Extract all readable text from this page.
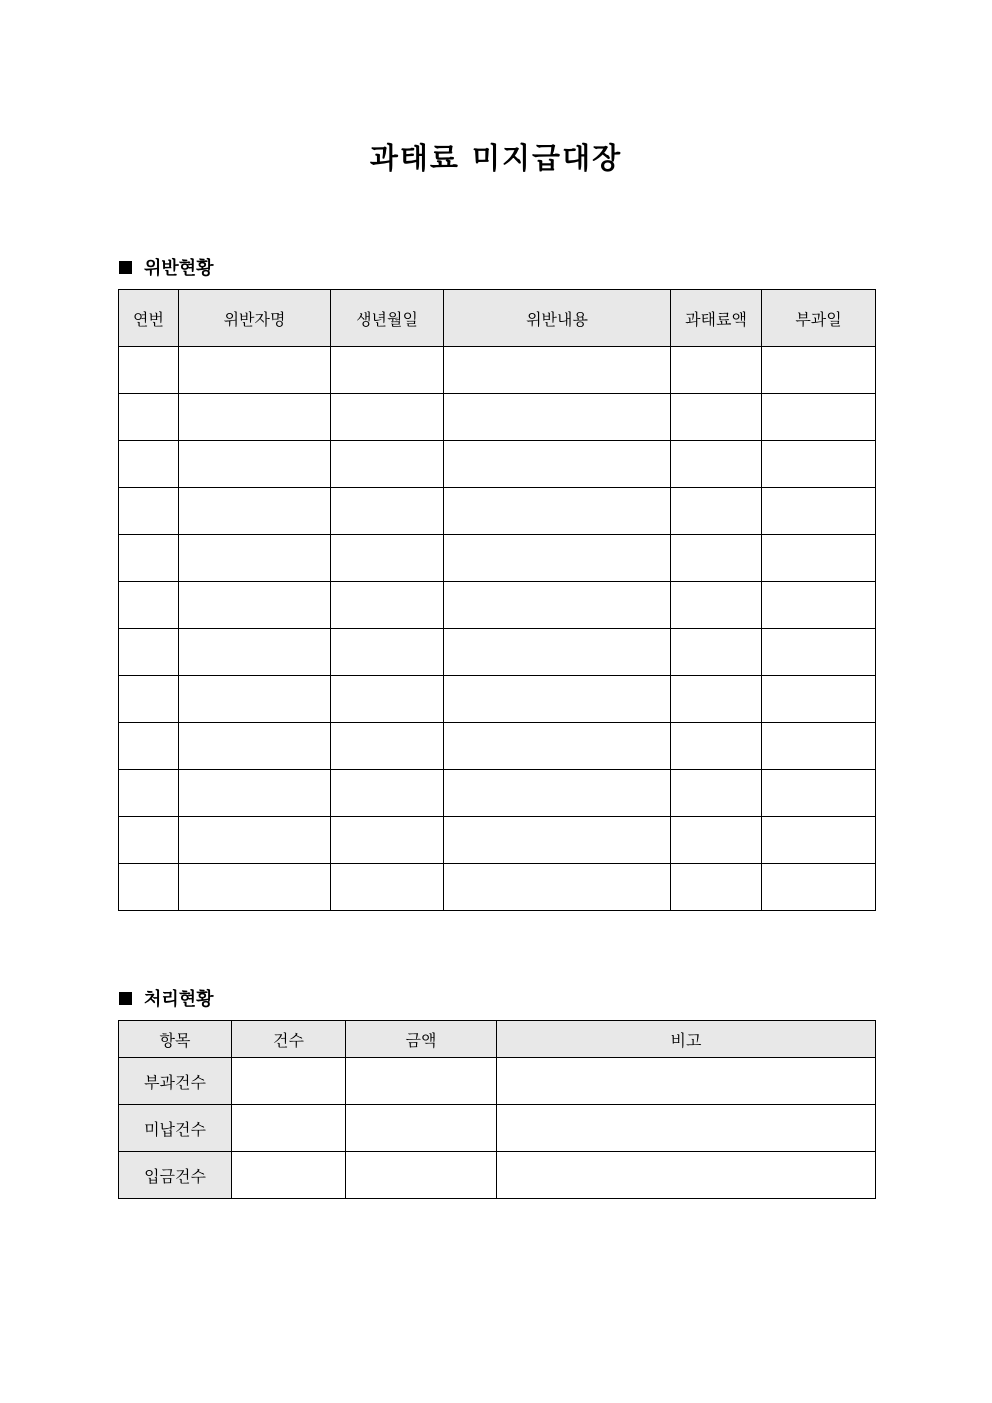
과태료 미지급대장
위반현황
연번	위반자명	생년월일	위반내용	과태료액	부과일

처리현황
항목	건수	금액	비고
부과건수			
미납건수			
입금건수			
